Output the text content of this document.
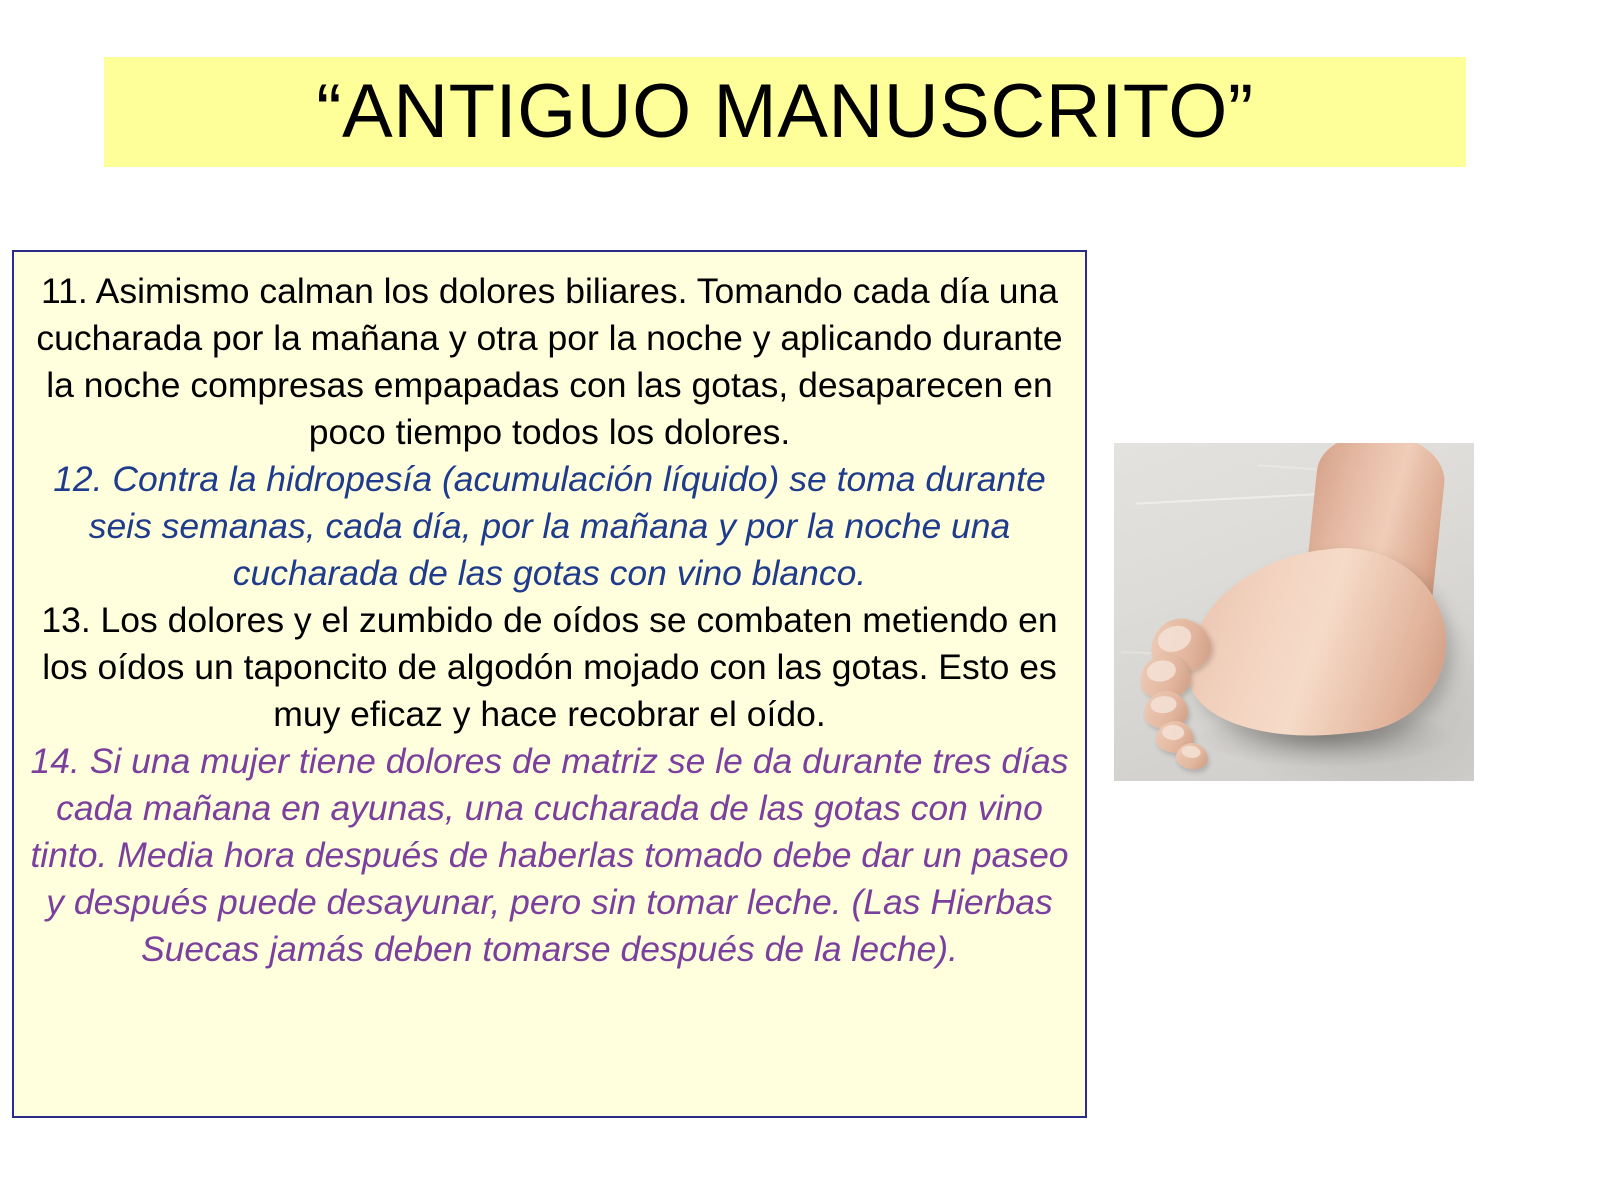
“ANTIGUO MANUSCRITO”

11. Asimismo calman los dolores biliares. Tomando cada día una cucharada por la mañana y otra por la noche y aplicando durante la noche compresas empapadas con las gotas, desaparecen en poco tiempo todos los dolores.

12. Contra la hidropesía (acumulación líquido) se toma durante seis semanas, cada día, por la mañana y por la noche una cucharada de las gotas con vino blanco.

13. Los dolores y el zumbido de oídos se combaten metiendo en los oídos un taponcito de algodón mojado con las gotas. Esto es muy eficaz y hace recobrar el oído.

14. Si una mujer tiene dolores de matriz se le da durante tres días cada mañana en ayunas, una cucharada de las gotas con vino tinto. Media hora después de haberlas tomado debe dar un paseo y después puede desayunar, pero sin tomar leche. (Las Hierbas Suecas jamás deben tomarse después de la leche).
